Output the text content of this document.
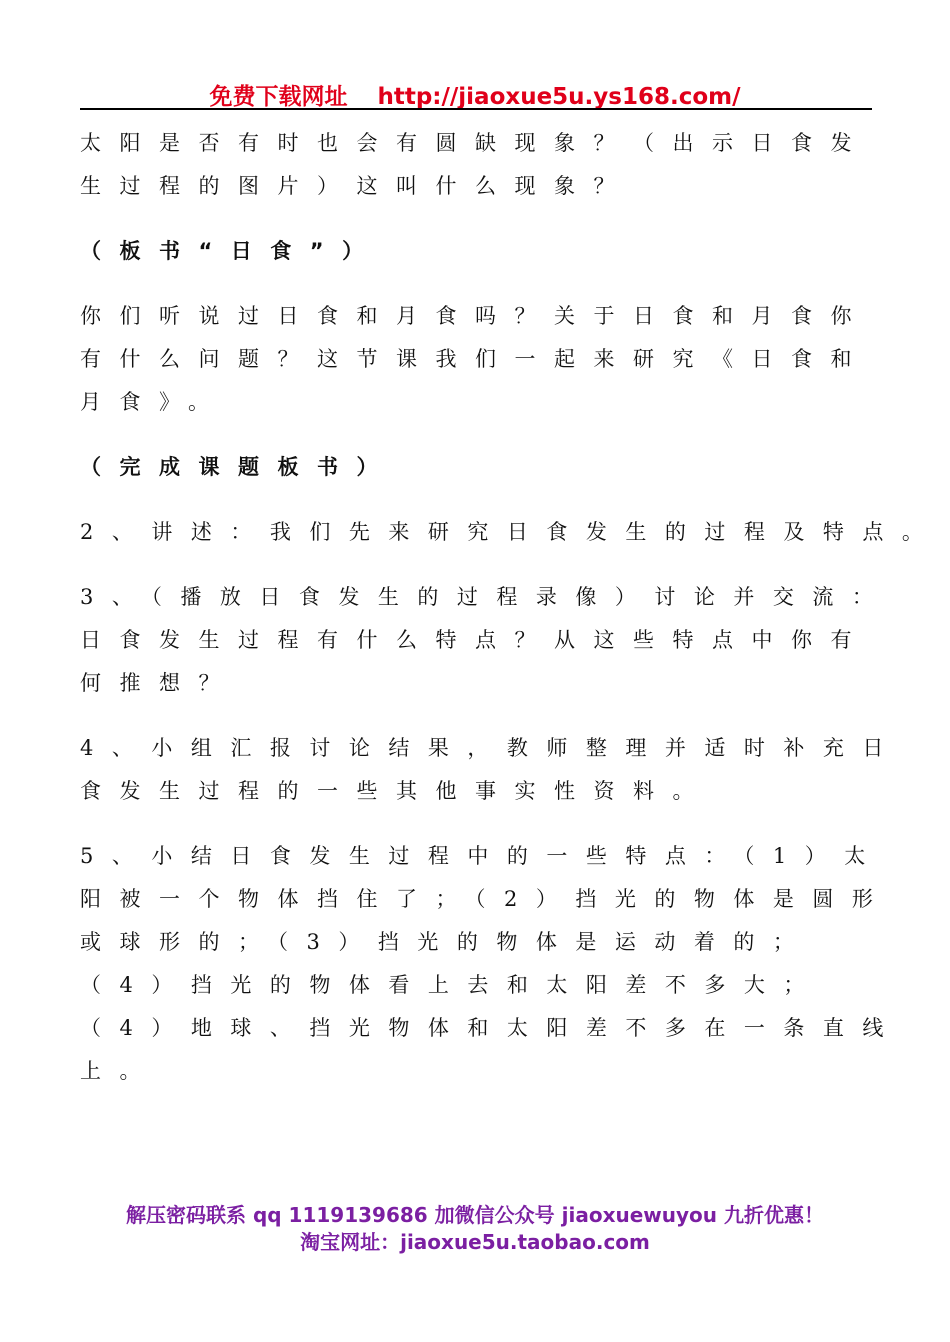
免费下载网址 http://jiaoxue5u.ys168.com/
太阳是否有时也会有圆缺现象？（出示日食发
生过程的图片）这叫什么现象？
（板书“日食”）
你们听说过日食和月食吗？关于日食和月食你
有什么问题？这节课我们一起来研究《日食和
月食》。
（完成课题板书）
2、讲述：我们先来研究日食发生的过程及特点。
3、（播放日食发生的过程录像）讨论并交流：
日食发生过程有什么特点？从这些特点中你有
何推想？
4、小组汇报讨论结果，教师整理并适时补充日
食发生过程的一些其他事实性资料。
5、小结日食发生过程中的一些特点：（1）太
阳被一个物体挡住了；（2）挡光的物体是圆形
或球形的；（3）挡光的物体是运动着的；
（4）挡光的物体看上去和太阳差不多大；
（4）地球、挡光物体和太阳差不多在一条直线
上。
解压密码联系 qq 1119139686 加微信公众号 jiaoxuewuyou 九折优惠！
淘宝网址：jiaoxue5u.taobao.com
